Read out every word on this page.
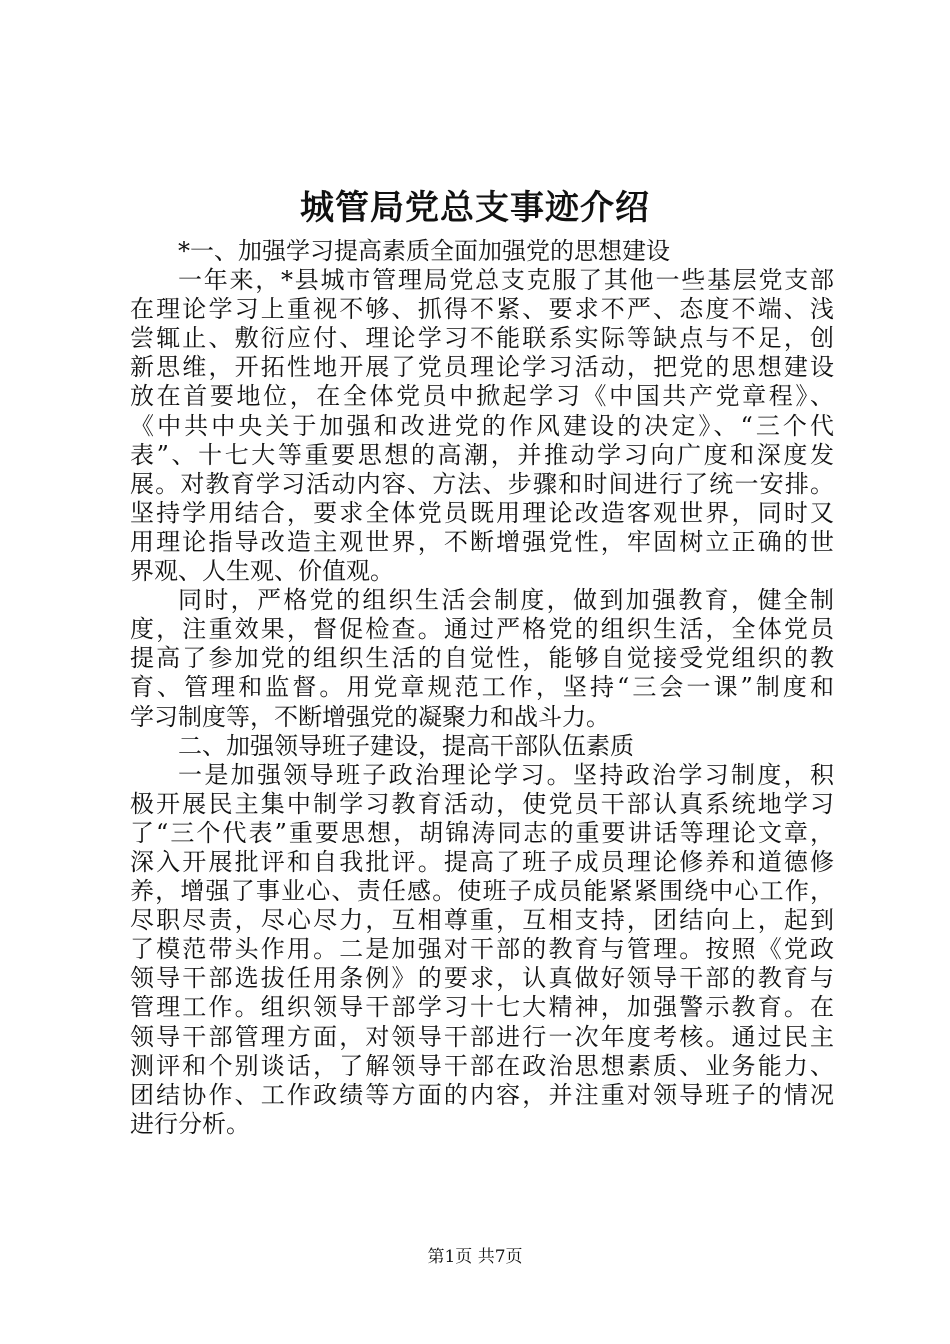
城管局党总支事迹介绍
*一、加强学习提高素质全面加强党的思想建设
一年来，*县城市管理局党总支克服了其他一些基层党支部
在理论学习上重视不够、抓得不紧、要求不严、态度不端、浅
尝辄止、敷衍应付、理论学习不能联系实际等缺点与不足，创
新思维，开拓性地开展了党员理论学习活动，把党的思想建设
放在首要地位，在全体党员中掀起学习《中国共产党章程》、
《中共中央关于加强和改进党的作风建设的决定》、“三个代
表”、十七大等重要思想的高潮，并推动学习向广度和深度发
展。对教育学习活动内容、方法、步骤和时间进行了统一安排。
坚持学用结合，要求全体党员既用理论改造客观世界，同时又
用理论指导改造主观世界，不断增强党性，牢固树立正确的世
界观、人生观、价值观。
同时，严格党的组织生活会制度，做到加强教育，健全制
度，注重效果，督促检查。通过严格党的组织生活，全体党员
提高了参加党的组织生活的自觉性，能够自觉接受党组织的教
育、管理和监督。用党章规范工作，坚持“三会一课”制度和
学习制度等，不断增强党的凝聚力和战斗力。
二、加强领导班子建设，提高干部队伍素质
一是加强领导班子政治理论学习。坚持政治学习制度，积
极开展民主集中制学习教育活动，使党员干部认真系统地学习
了“三个代表”重要思想，胡锦涛同志的重要讲话等理论文章，
深入开展批评和自我批评。提高了班子成员理论修养和道德修
养，增强了事业心、责任感。使班子成员能紧紧围绕中心工作，
尽职尽责，尽心尽力，互相尊重，互相支持，团结向上，起到
了模范带头作用。二是加强对干部的教育与管理。按照《党政
领导干部选拔任用条例》的要求，认真做好领导干部的教育与
管理工作。组织领导干部学习十七大精神，加强警示教育。在
领导干部管理方面，对领导干部进行一次年度考核。通过民主
测评和个别谈话，了解领导干部在政治思想素质、业务能力、
团结协作、工作政绩等方面的内容，并注重对领导班子的情况
进行分析。
第1页 共7页
